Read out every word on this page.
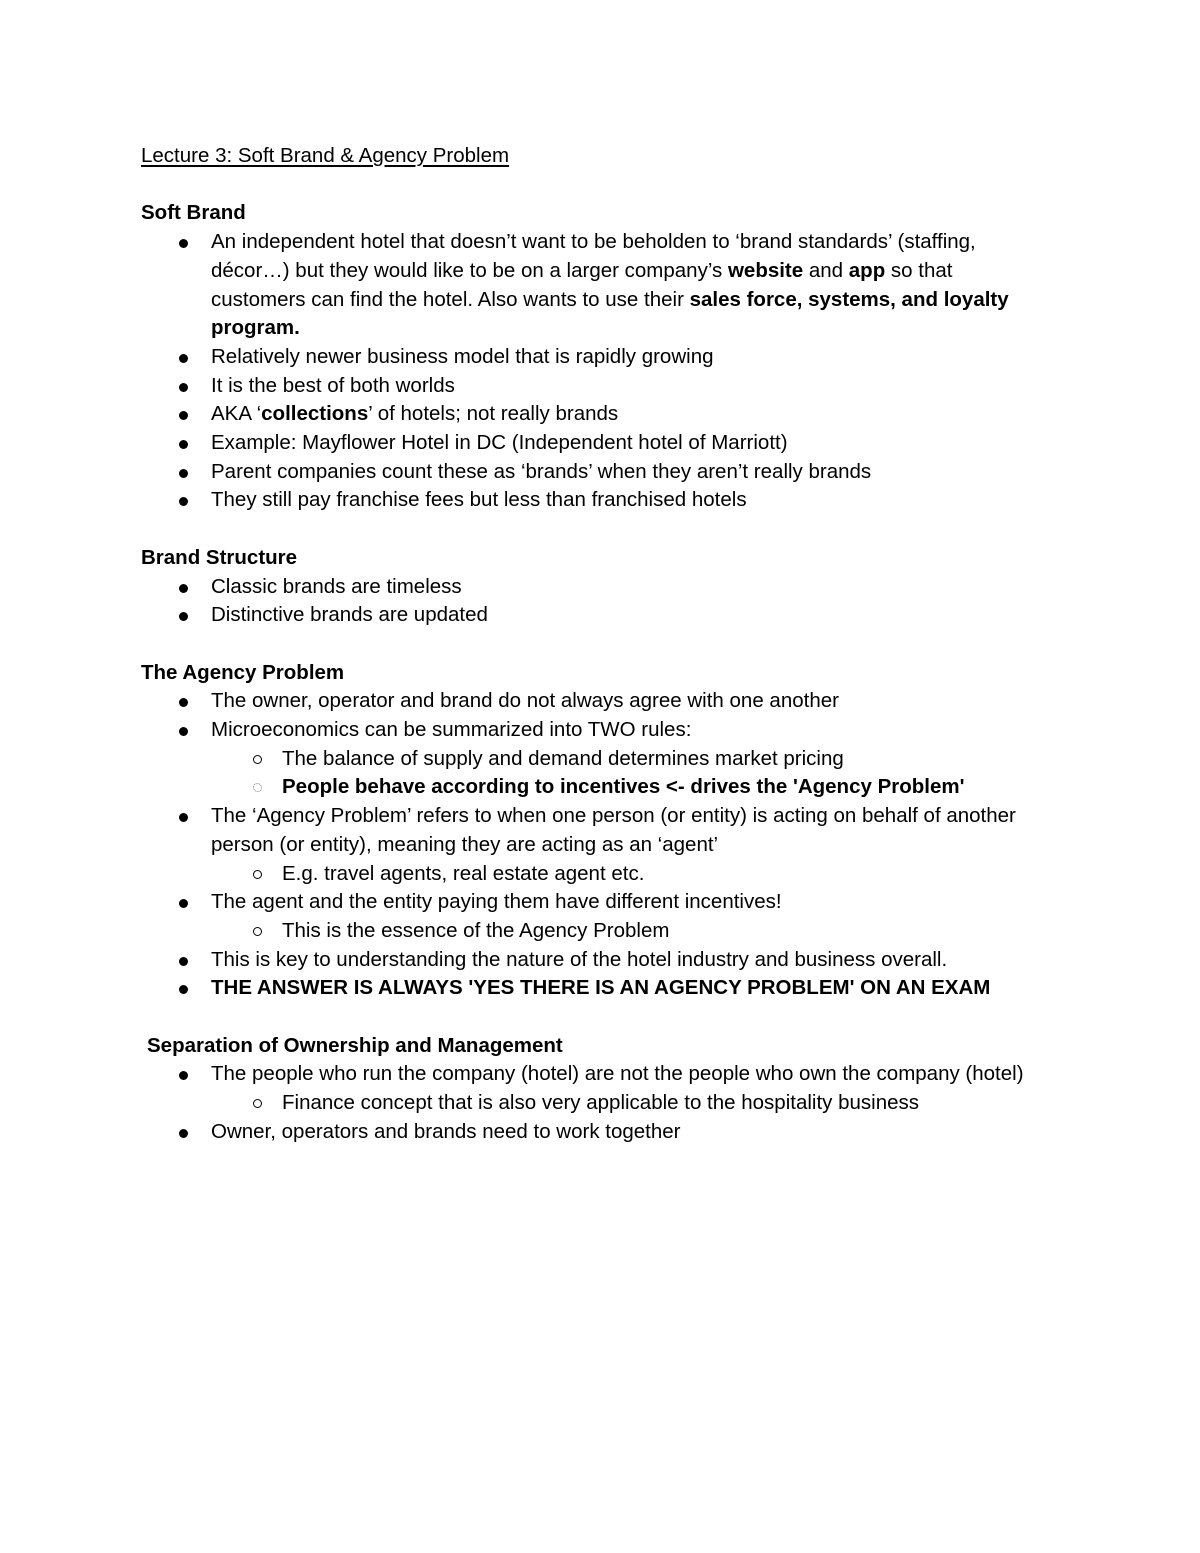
Lecture 3: Soft Brand & Agency Problem
Soft Brand
An independent hotel that doesn’t want to be beholden to ‘brand standards’ (staffing, décor…) but they would like to be on a larger company’s website and app so that customers can find the hotel. Also wants to use their sales force, systems, and loyalty program.
Relatively newer business model that is rapidly growing
It is the best of both worlds
AKA ‘collections’ of hotels; not really brands
Example: Mayflower Hotel in DC (Independent hotel of Marriott)
Parent companies count these as ‘brands’ when they aren’t really brands
They still pay franchise fees but less than franchised hotels
Brand Structure
Classic brands are timeless
Distinctive brands are updated
The Agency Problem
The owner, operator and brand do not always agree with one another
Microeconomics can be summarized into TWO rules:
The balance of supply and demand determines market pricing
People behave according to incentives <- drives the 'Agency Problem'
The ‘Agency Problem’ refers to when one person (or entity) is acting on behalf of another person (or entity), meaning they are acting as an ‘agent’
E.g. travel agents, real estate agent etc.
The agent and the entity paying them have different incentives!
This is the essence of the Agency Problem
This is key to understanding the nature of the hotel industry and business overall.
THE ANSWER IS ALWAYS 'YES THERE IS AN AGENCY PROBLEM' ON AN EXAM
Separation of Ownership and Management
The people who run the company (hotel) are not the people who own the company (hotel)
Finance concept that is also very applicable to the hospitality business
Owner, operators and brands need to work together
